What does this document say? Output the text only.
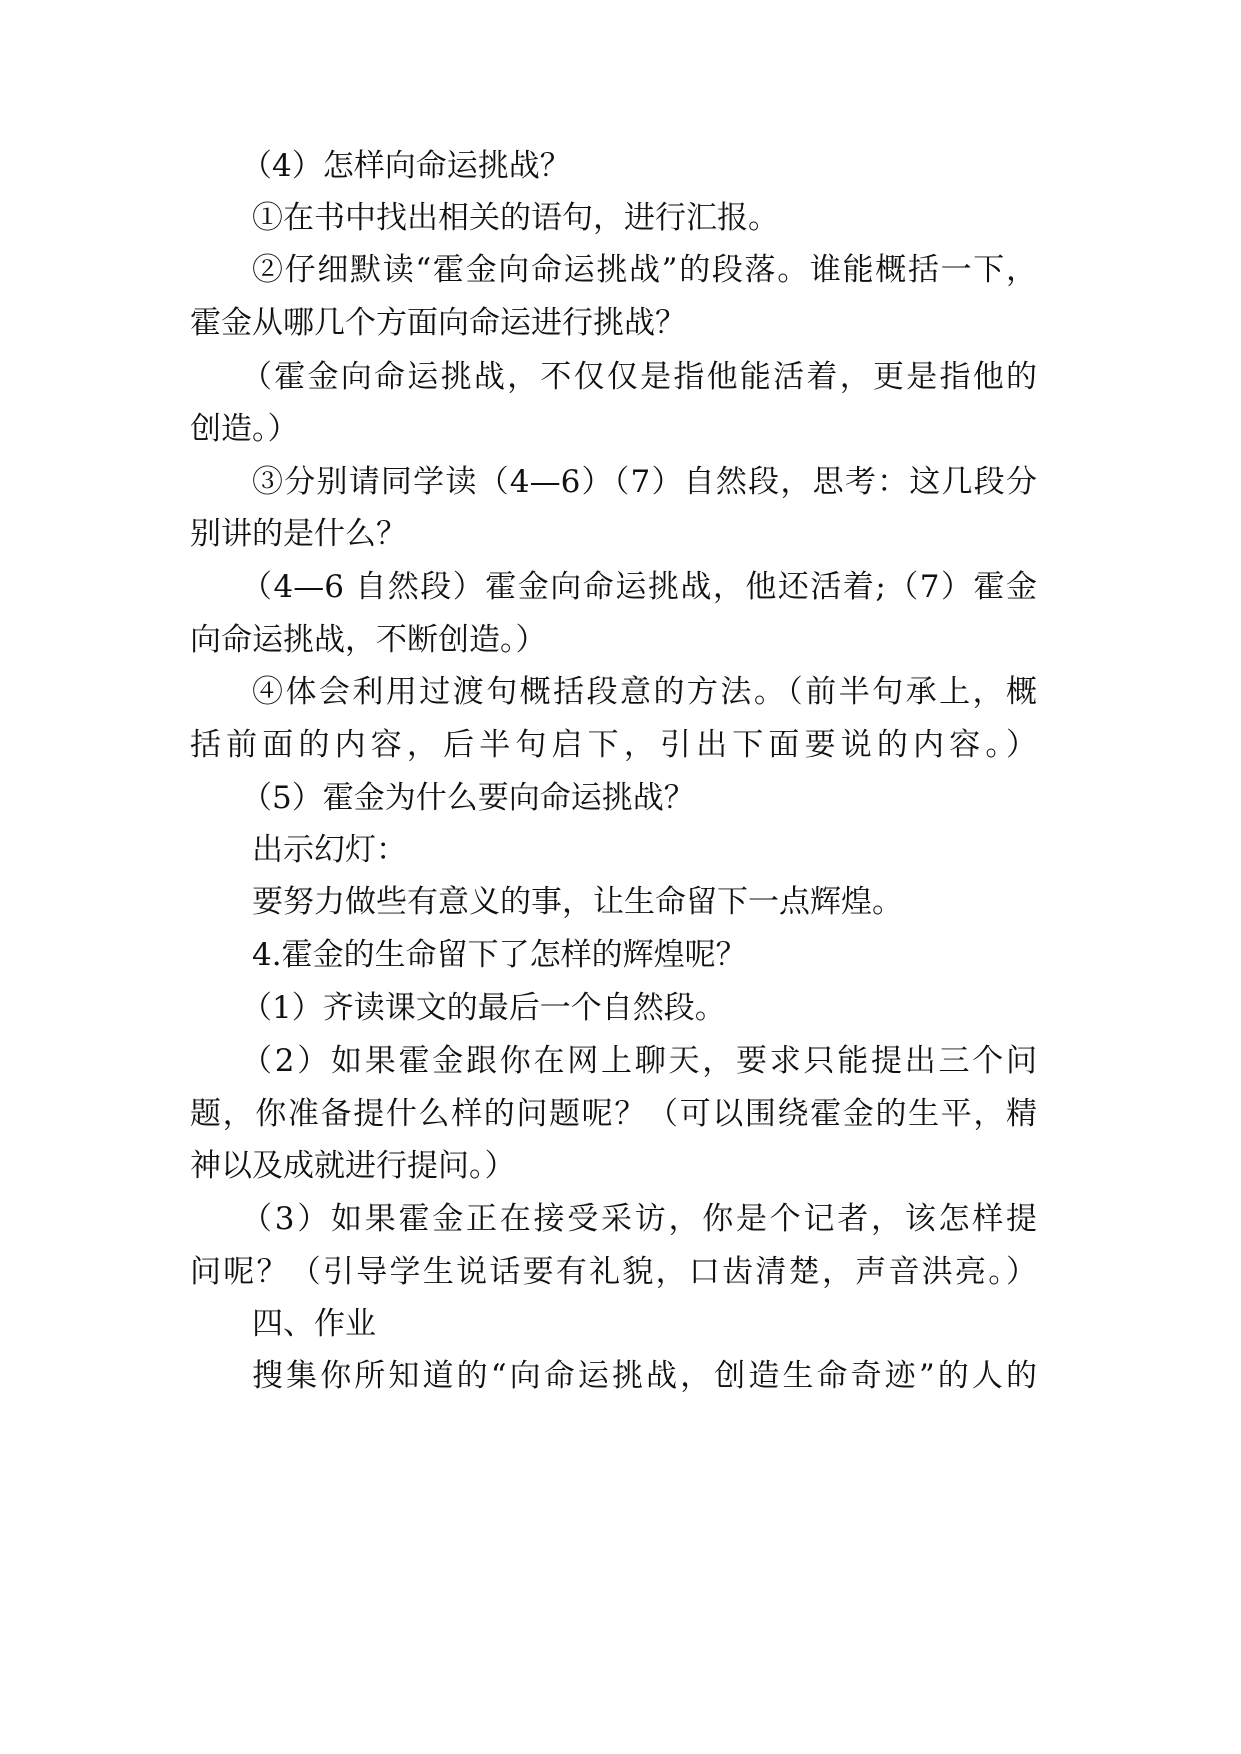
（4）怎样向命运挑战？
①在书中找出相关的语句，进行汇报。
②仔细默读“霍金向命运挑战”的段落。谁能概括一下，
霍金从哪几个方面向命运进行挑战？
（霍金向命运挑战，不仅仅是指他能活着，更是指他的
创造。）
③分别请同学读（4—6）（7）自然段，思考：这几段分
别讲的是什么？
（4—6 自然段）霍金向命运挑战，他还活着;（7）霍金
向命运挑战，不断创造。）
④体会利用过渡句概括段意的方法。（前半句承上，概
括前面的内容，后半句启下，引出下面要说的内容。）
（5）霍金为什么要向命运挑战？
出示幻灯：
要努力做些有意义的事，让生命留下一点辉煌。
4.霍金的生命留下了怎样的辉煌呢？
（1）齐读课文的最后一个自然段。
（2）如果霍金跟你在网上聊天，要求只能提出三个问
题，你准备提什么样的问题呢？（可以围绕霍金的生平，精
神以及成就进行提问。）
（3）如果霍金正在接受采访，你是个记者，该怎样提
问呢？（引导学生说话要有礼貌，口齿清楚，声音洪亮。）
四、作业
搜集你所知道的“向命运挑战，创造生命奇迹”的人的
